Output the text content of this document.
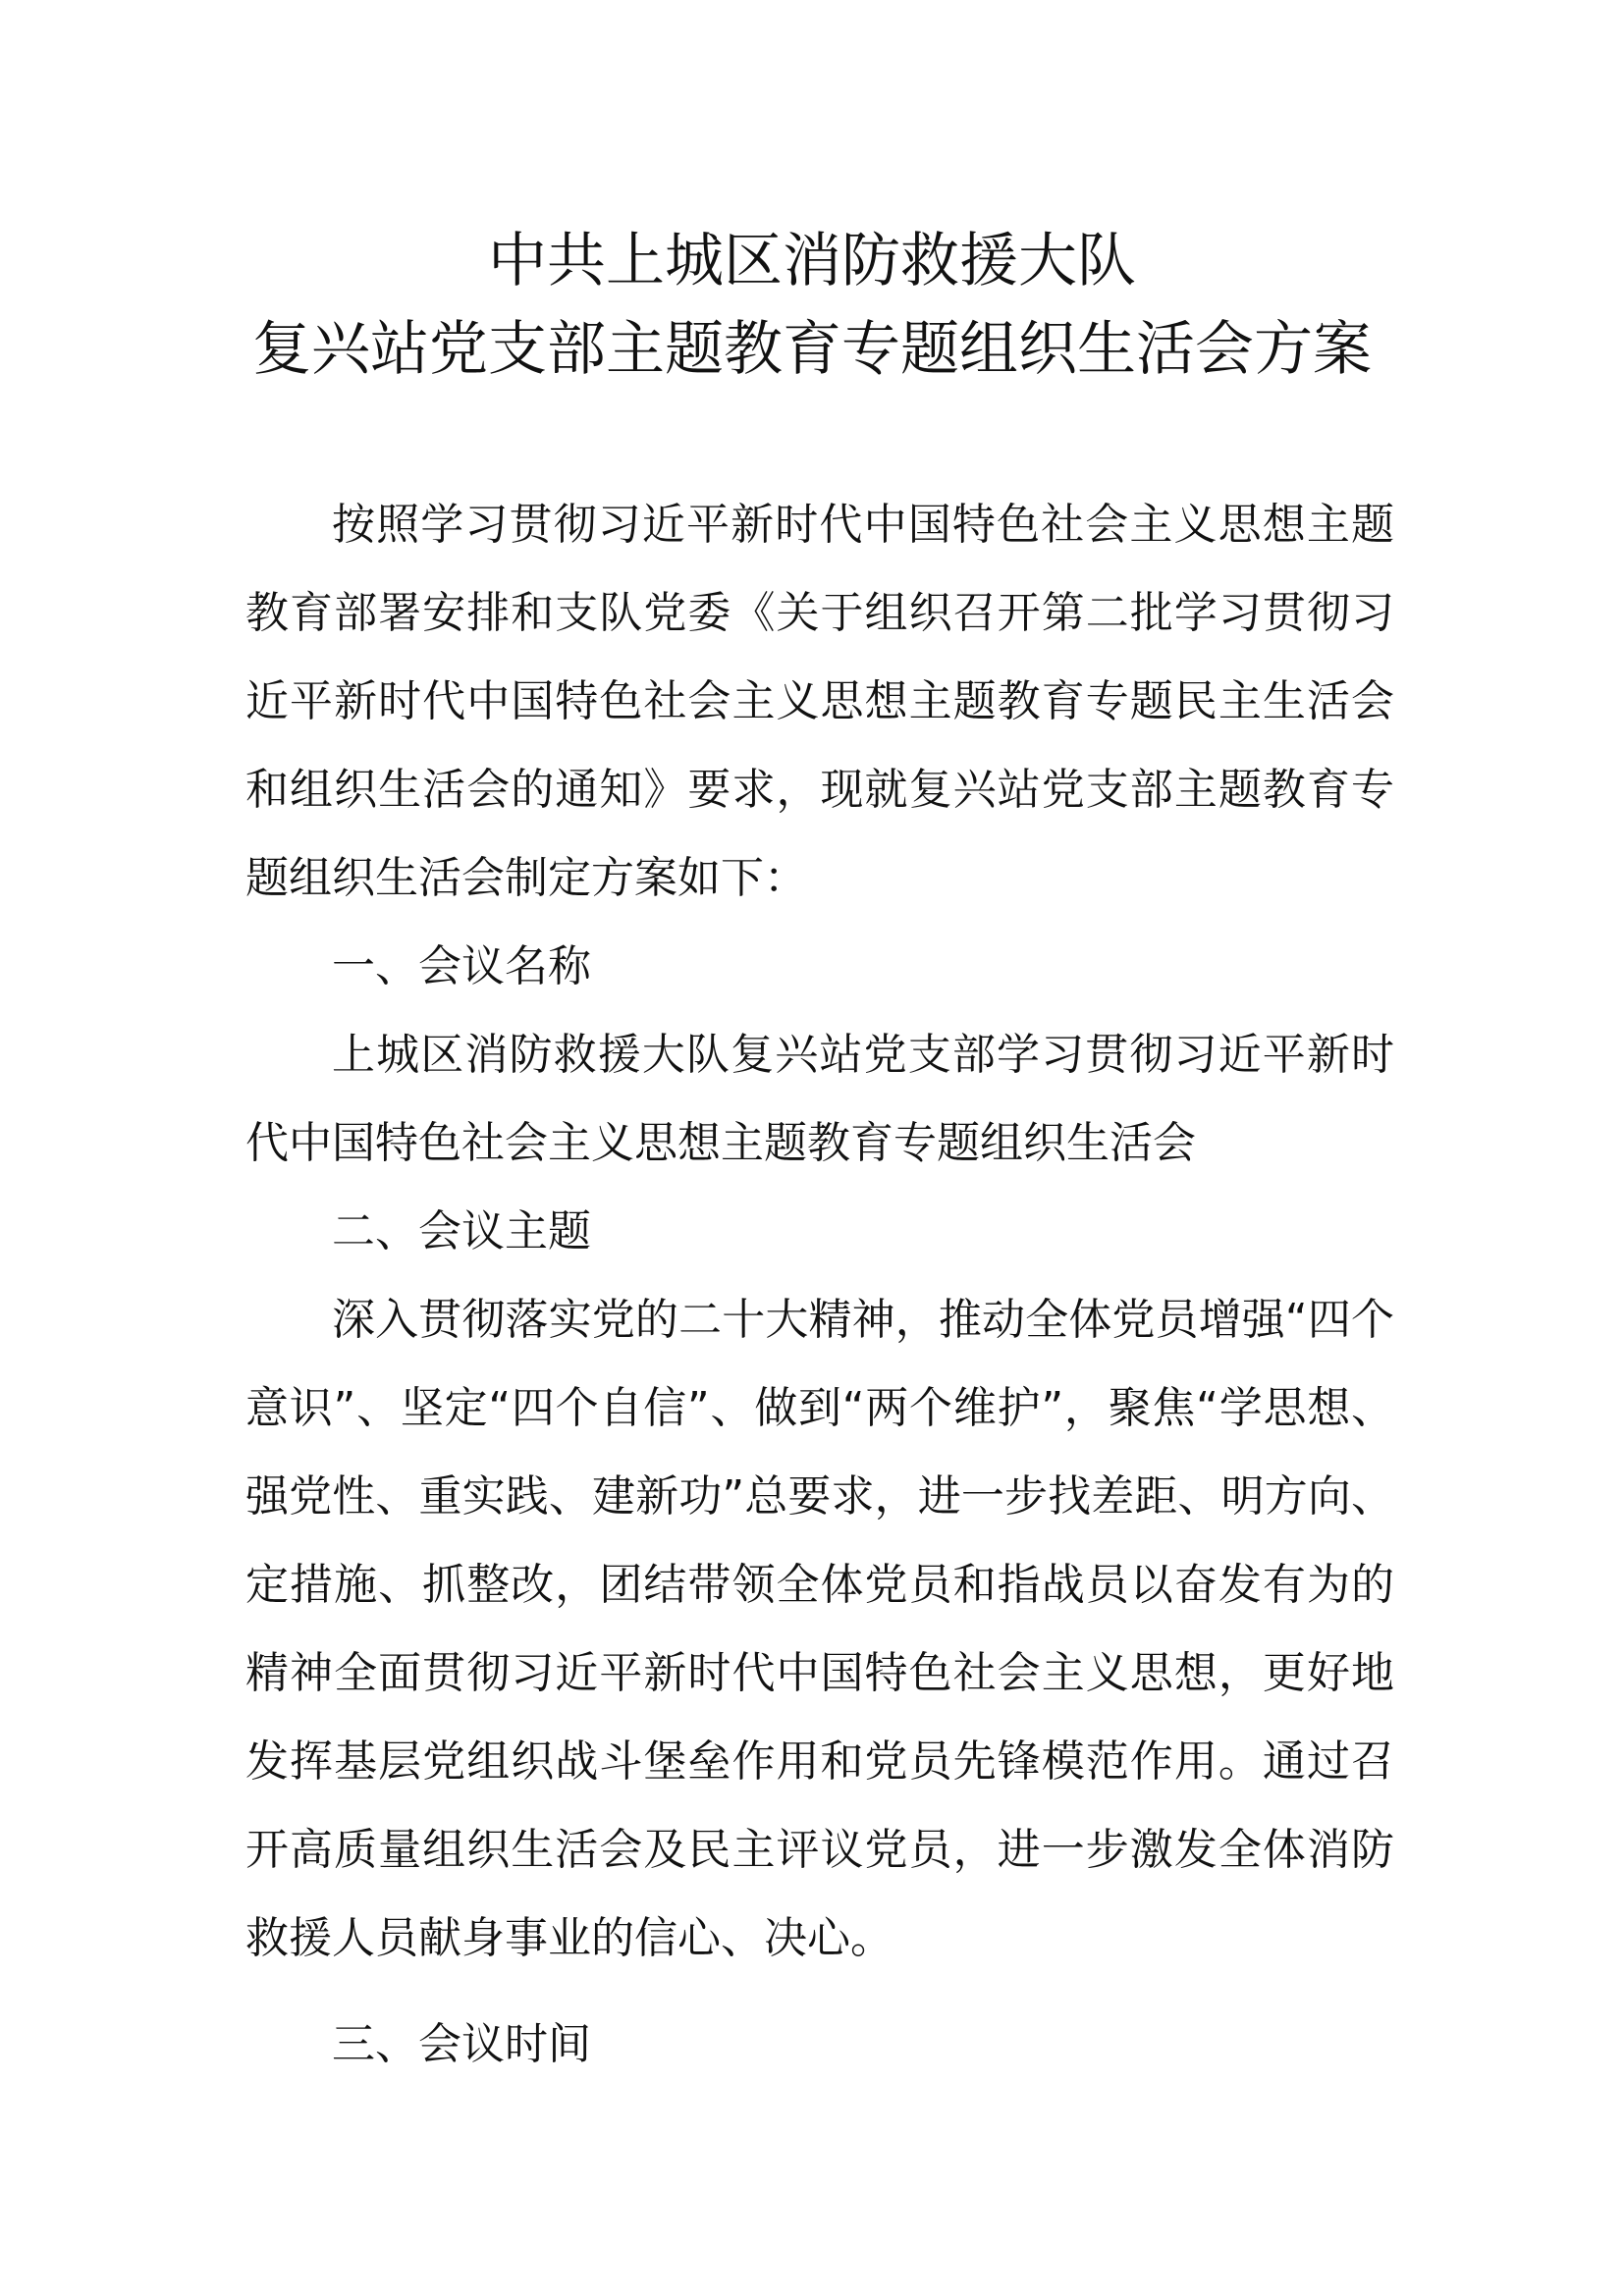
中共上城区消防救援大队
复兴站党支部主题教育专题组织生活会方案

按照学习贯彻习近平新时代中国特色社会主义思想主题教育部署安排和支队党委《关于组织召开第二批学习贯彻习近平新时代中国特色社会主义思想主题教育专题民主生活会和组织生活会的通知》要求，现就复兴站党支部主题教育专题组织生活会制定方案如下：

一、会议名称

上城区消防救援大队复兴站党支部学习贯彻习近平新时代中国特色社会主义思想主题教育专题组织生活会

二、会议主题

深入贯彻落实党的二十大精神，推动全体党员增强“四个意识”、坚定“四个自信”、做到“两个维护”，聚焦“学思想、强党性、重实践、建新功”总要求，进一步找差距、明方向、定措施、抓整改，团结带领全体党员和指战员以奋发有为的精神全面贯彻习近平新时代中国特色社会主义思想，更好地发挥基层党组织战斗堡垒作用和党员先锋模范作用。通过召开高质量组织生活会及民主评议党员，进一步激发全体消防救援人员献身事业的信心、决心。

三、会议时间
